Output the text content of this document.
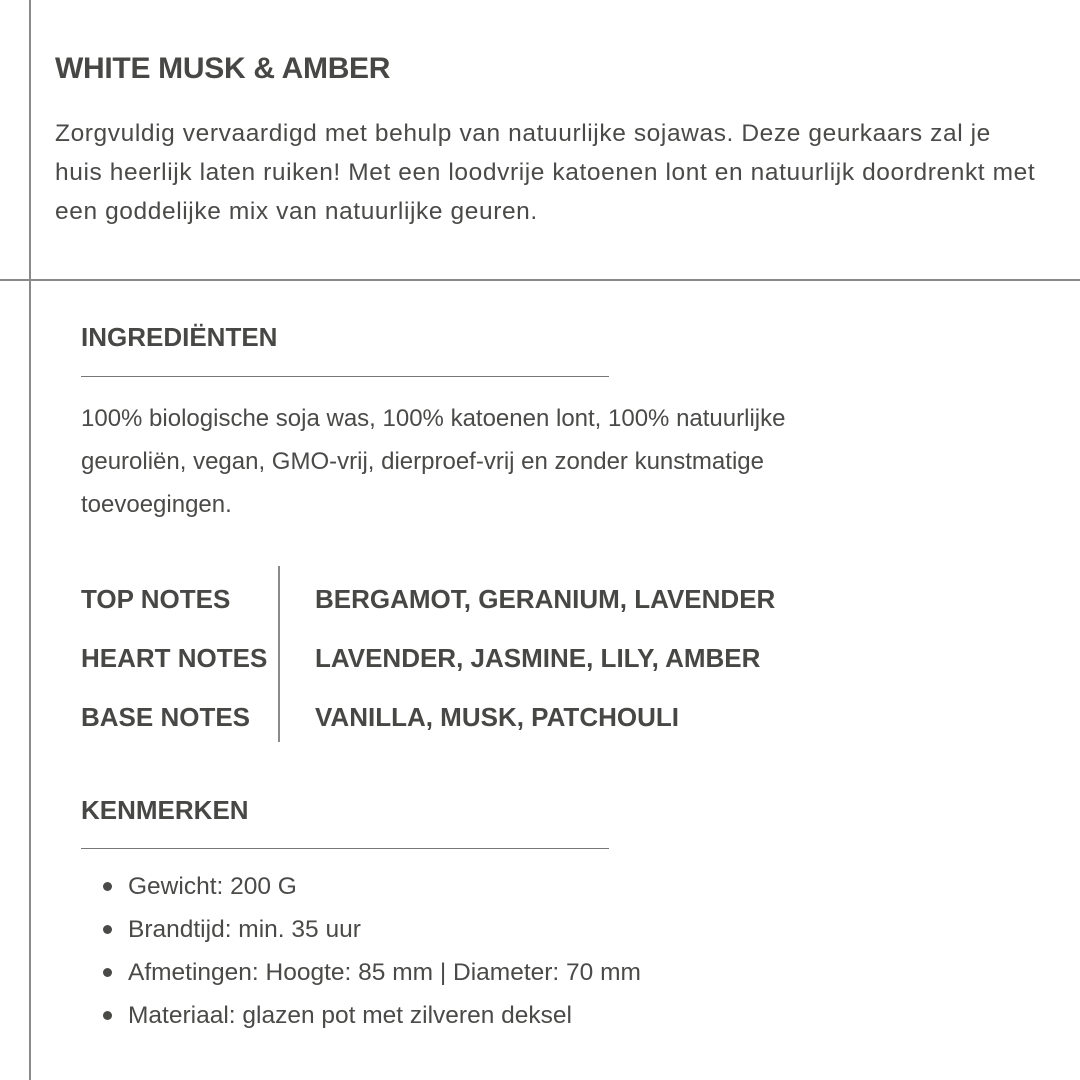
WHITE MUSK & AMBER

Zorgvuldig vervaardigd met behulp van natuurlijke sojawas. Deze geurkaars zal je huis heerlijk laten ruiken! Met een loodvrije katoenen lont en natuurlijk doordrenkt met een goddelijke mix van natuurlijke geuren.

INGREDIËNTEN

100% biologische soja was, 100% katoenen lont, 100% natuurlijke geuroliën, vegan, GMO-vrij, dierproef-vrij en zonder kunstmatige toevoegingen.

TOP NOTES	BERGAMOT, GERANIUM, LAVENDER
HEART NOTES LAVENDER, JASMINE, LILY, AMBER
BASE NOTES VANILLA, MUSK, PATCHOULI
KENMERKEN
Gewicht: 200 G
Brandtijd: min. 35 uur
Afmetingen: Hoogte: 85 mm | Diameter: 70 mm
Materiaal: glazen pot met zilveren deksel
